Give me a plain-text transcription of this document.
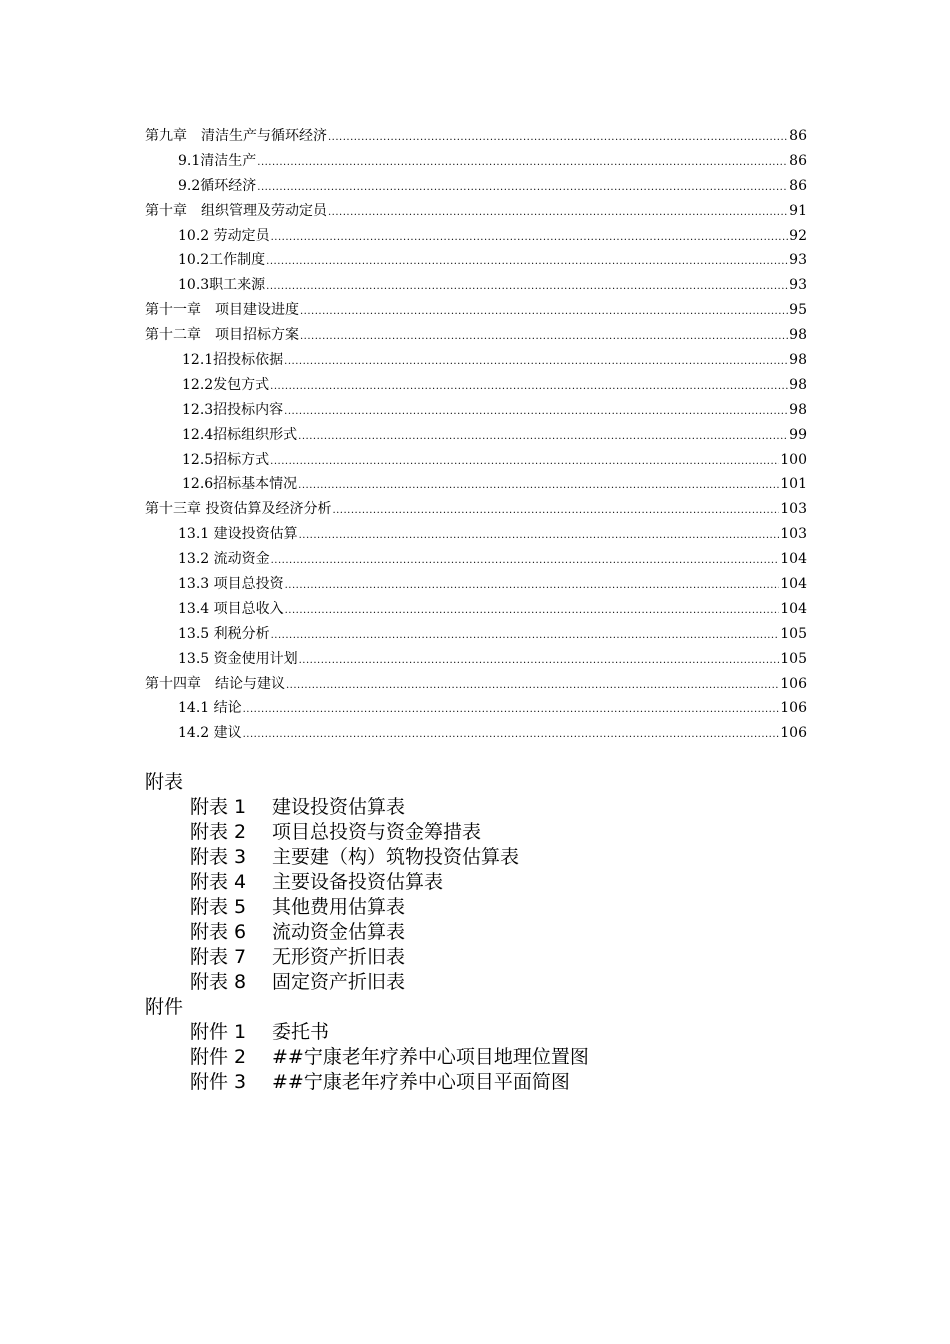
第九章　清洁生产与循环经济 .....	86
9.1清洁生产 .....	86
9.2循环经济 .....	86
第十章　组织管理及劳动定员 .....	91
10.2 劳动定员 .....	92
10.2工作制度 .....	93
10.3职工来源 .....	93
第十一章　项目建设进度 .....	95
第十二章　项目招标方案 .....	98
12.1招投标依据 .....	98
12.2发包方式 .....	98
12.3招投标内容 .....	98
12.4招标组织形式 .....	99
12.5招标方式 .....	100
12.6招标基本情况 .....	101
第十三章 投资估算及经济分析 .....	103
13.1 建设投资估算 .....	103
13.2 流动资金 .....	104
13.3 项目总投资 .....	104
13.4 项目总收入 .....	104
13.5 利税分析 .....	105
13.5 资金使用计划 .....	105
第十四章　结论与建议 .....	106
14.1 结论 .....	106
14.2 建议 .....	106
附表
附表 1 建设投资估算表
附表 2 项目总投资与资金筹措表
附表 3 主要建（构）筑物投资估算表
附表 4 主要设备投资估算表
附表 5 其他费用估算表
附表 6 流动资金估算表
附表 7 无形资产折旧表
附表 8 固定资产折旧表
附件
附件 1 委托书
附件 2 ##宁康老年疗养中心项目地理位置图
附件 3 ##宁康老年疗养中心项目平面简图
